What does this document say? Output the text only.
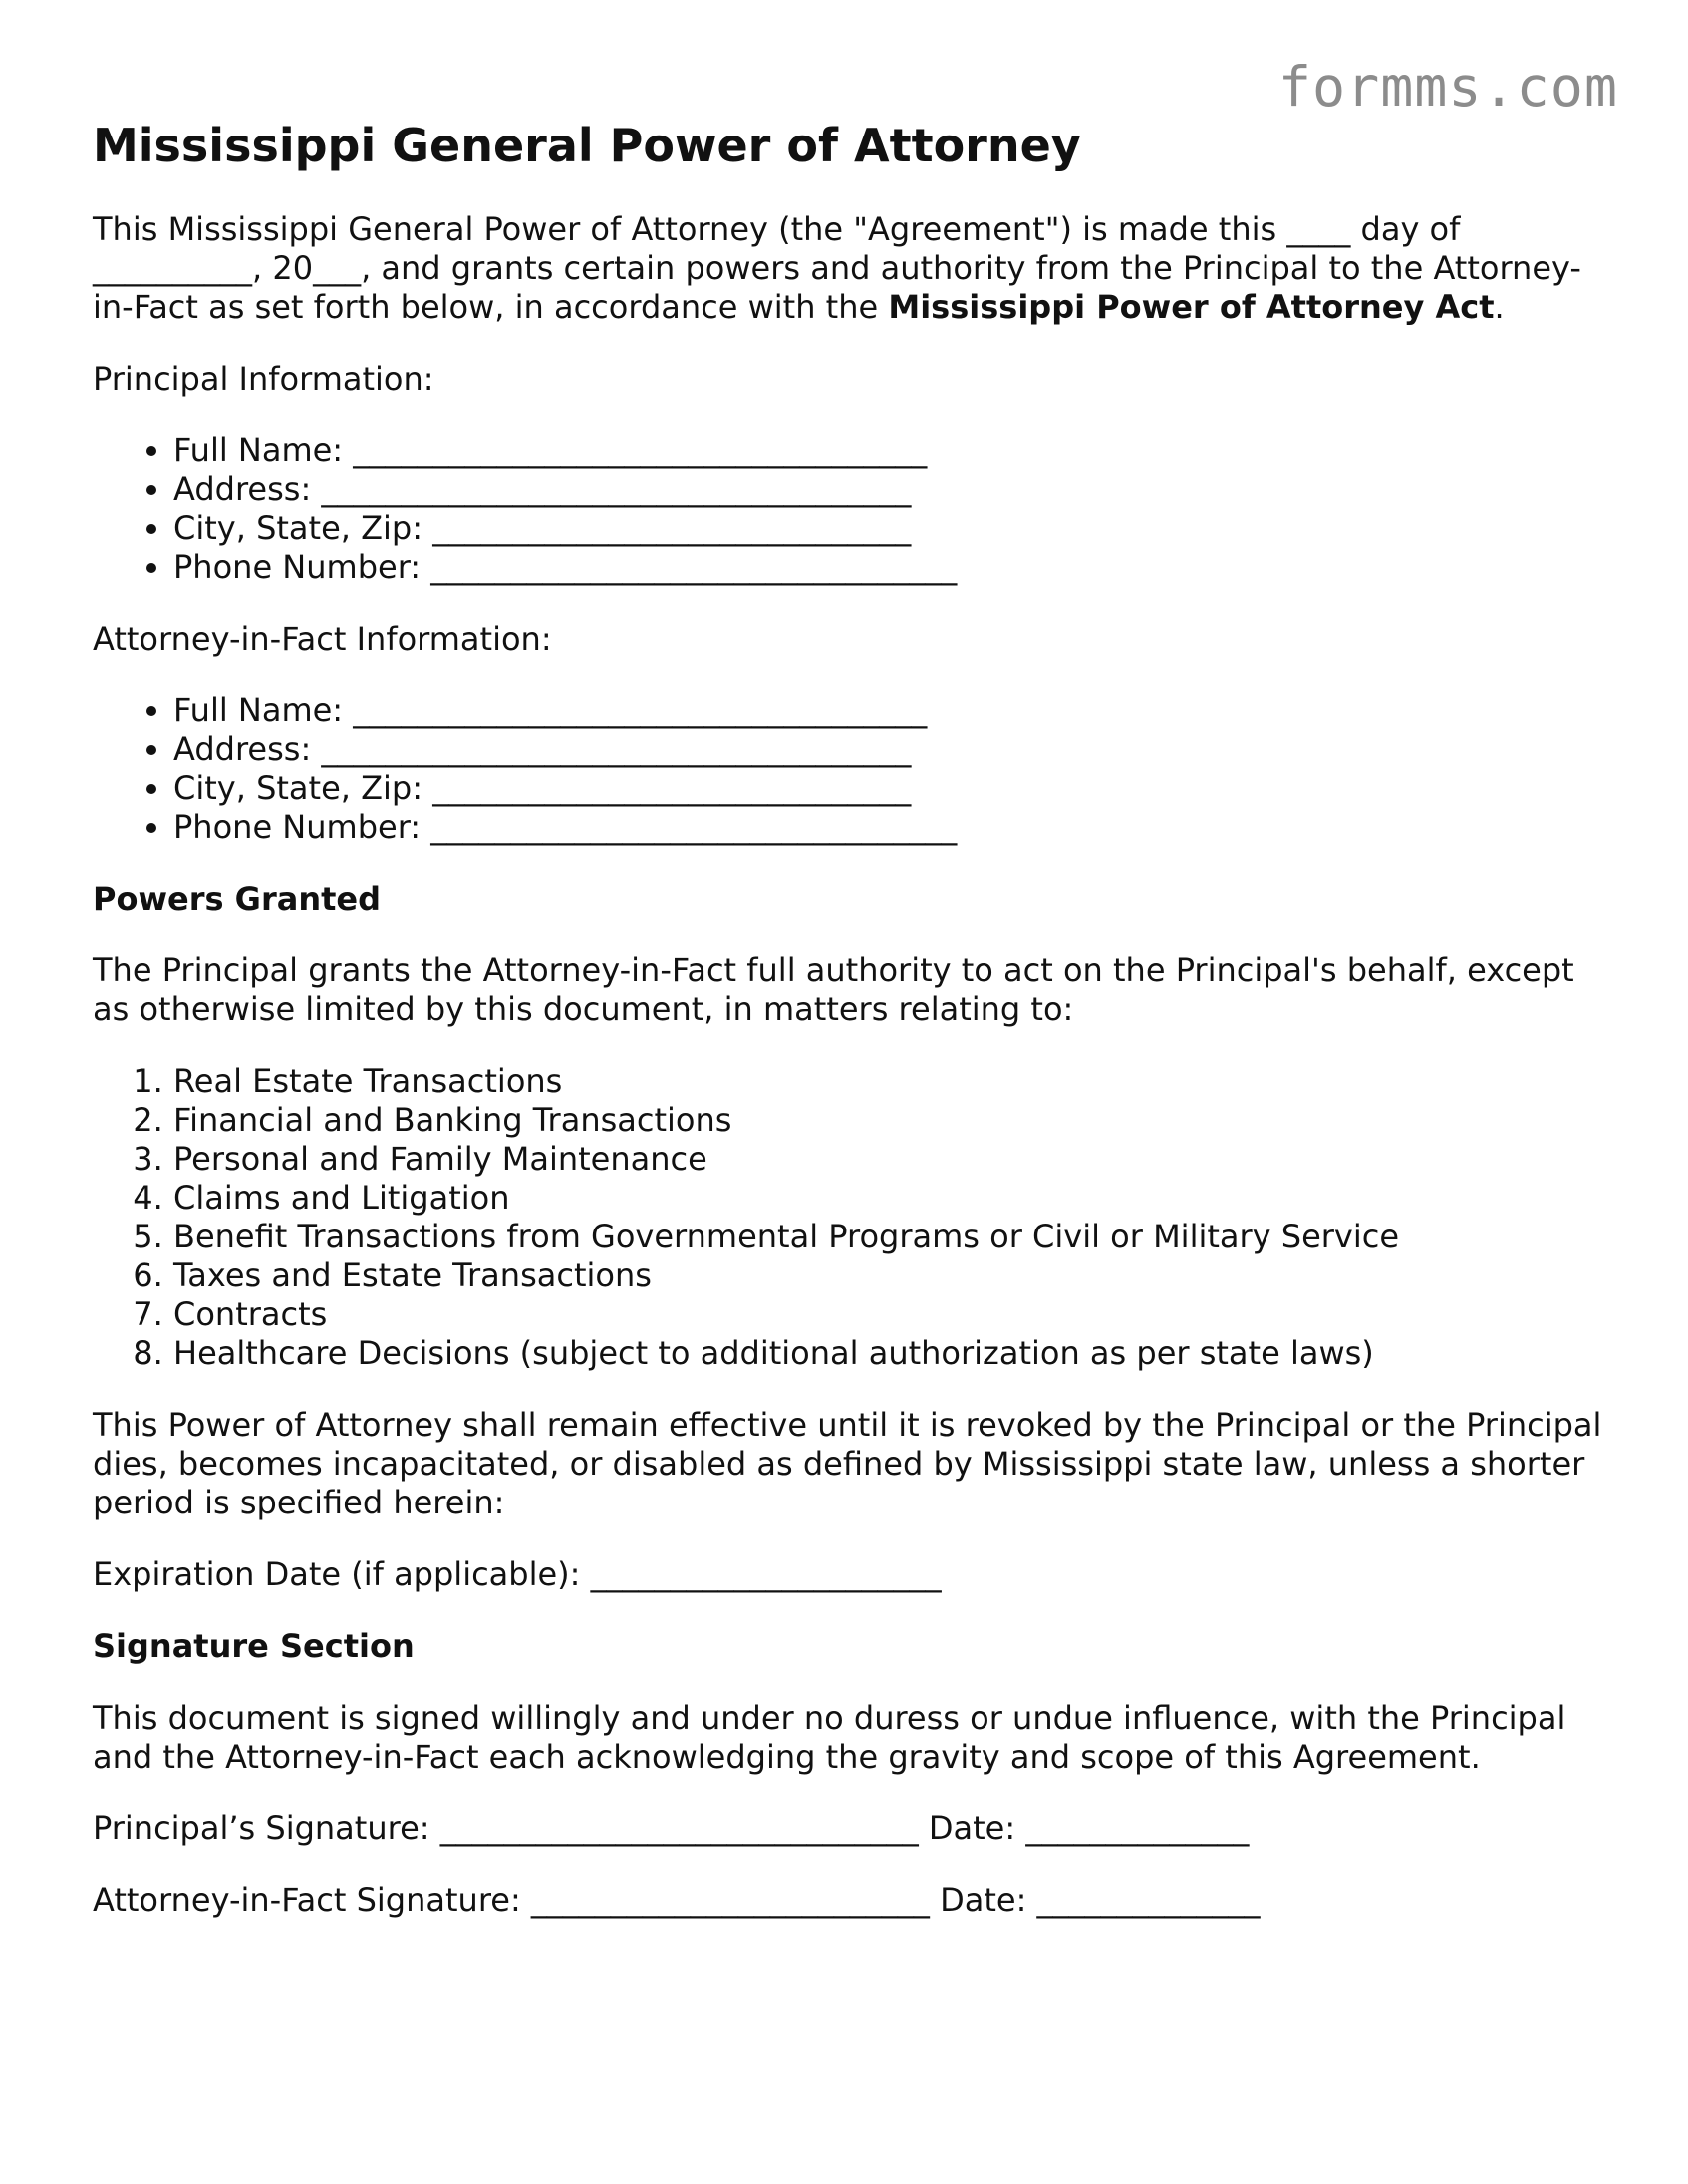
formms.com
Mississippi General Power of Attorney

This Mississippi General Power of Attorney (the "Agreement") is made this ____ day of __________, 20___, and grants certain powers and authority from the Principal to the Attorney-in-Fact as set forth below, in accordance with the Mississippi Power of Attorney Act.

Principal Information:

• Full Name: ____________________________________
• Address: _____________________________________
• City, State, Zip: ______________________________
• Phone Number: _________________________________

Attorney-in-Fact Information:

• Full Name: ____________________________________
• Address: _____________________________________
• City, State, Zip: ______________________________
• Phone Number: _________________________________

Powers Granted

The Principal grants the Attorney-in-Fact full authority to act on the Principal's behalf, except as otherwise limited by this document, in matters relating to:

1. Real Estate Transactions
2. Financial and Banking Transactions
3. Personal and Family Maintenance
4. Claims and Litigation
5. Benefit Transactions from Governmental Programs or Civil or Military Service
6. Taxes and Estate Transactions
7. Contracts
8. Healthcare Decisions (subject to additional authorization as per state laws)

This Power of Attorney shall remain effective until it is revoked by the Principal or the Principal dies, becomes incapacitated, or disabled as defined by Mississippi state law, unless a shorter period is specified herein:

Expiration Date (if applicable): ______________________

Signature Section

This document is signed willingly and under no duress or undue influence, with the Principal and the Attorney-in-Fact each acknowledging the gravity and scope of this Agreement.

Principal’s Signature: ______________________________ Date: ______________

Attorney-in-Fact Signature: _________________________ Date: ______________
